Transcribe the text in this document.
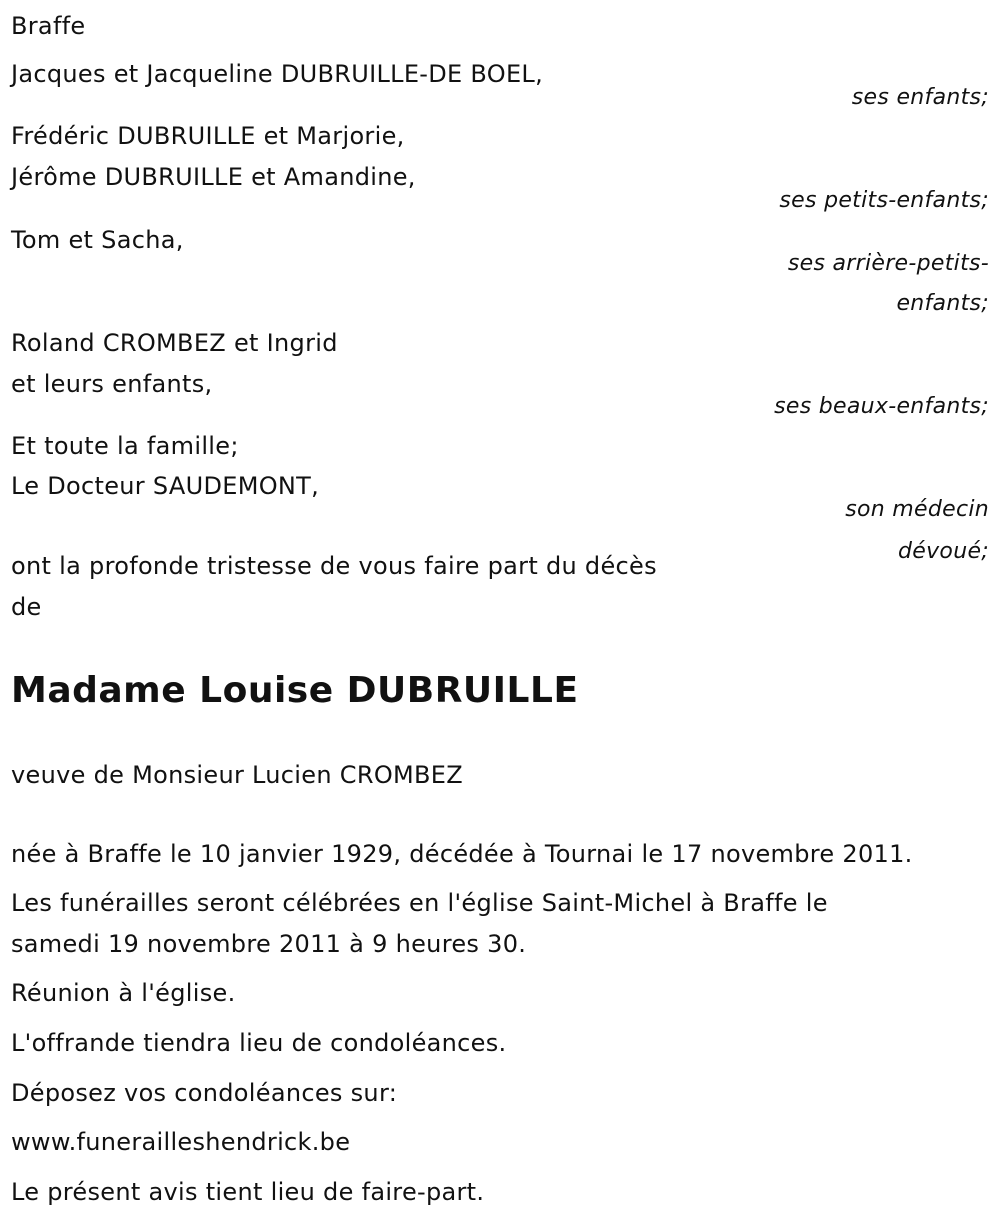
Braffe
Jacques et Jacqueline DUBRUILLE-DE BOEL,
ses enfants;
Frédéric DUBRUILLE et Marjorie,
Jérôme DUBRUILLE et Amandine,
ses petits-enfants;
Tom et Sacha,
ses arrière-petits-
enfants;
Roland CROMBEZ et Ingrid
et leurs enfants,
ses beaux-enfants;
Et toute la famille;
Le Docteur SAUDEMONT,
son médecin
dévoué;
ont la profonde tristesse de vous faire part du décès
de
Madame Louise DUBRUILLE
veuve de Monsieur Lucien CROMBEZ
née à Braffe le 10 janvier 1929, décédée à Tournai le 17 novembre 2011.
Les funérailles seront célébrées en l'église Saint-Michel à Braffe le
samedi 19 novembre 2011 à 9 heures 30.
Réunion à l'église.
L'offrande tiendra lieu de condoléances.
Déposez vos condoléances sur:
www.funerailleshendrick.be
Le présent avis tient lieu de faire-part.
